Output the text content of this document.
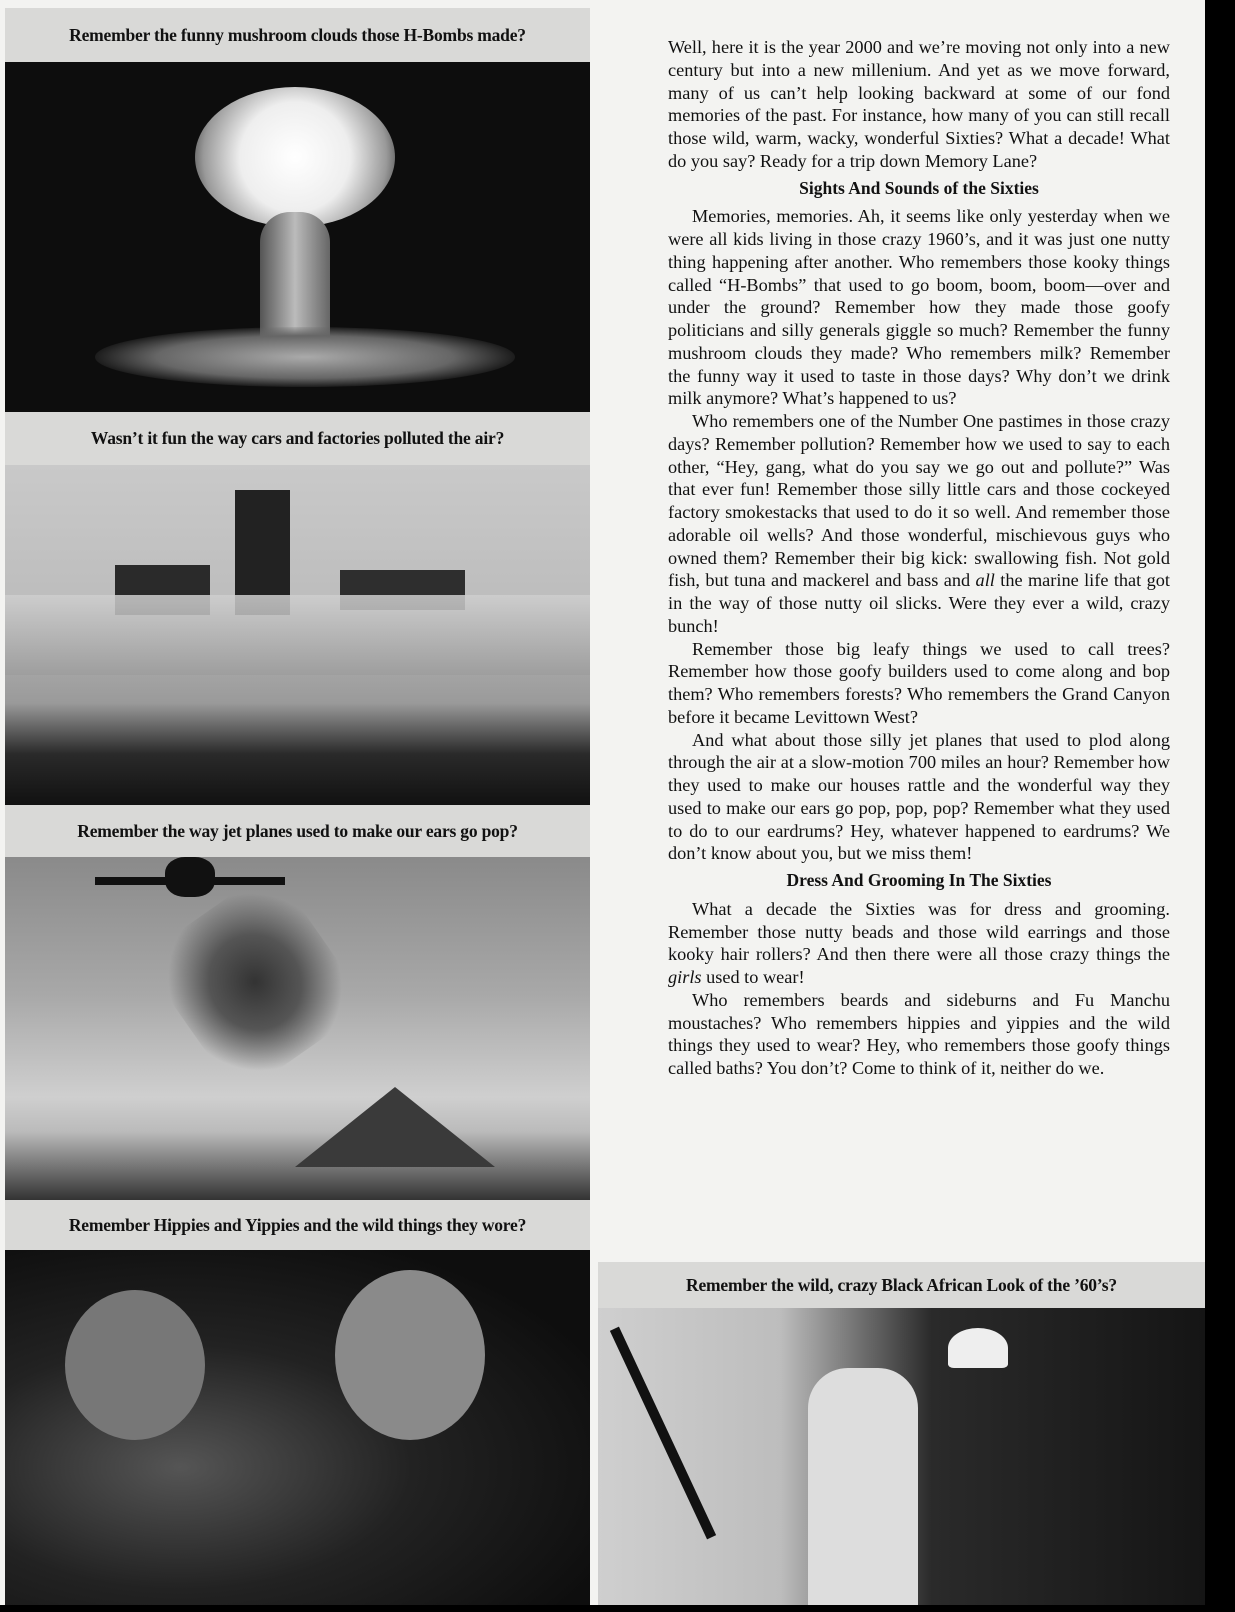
Remember the funny mushroom clouds those H-Bombs made?
Wasn’t it fun the way cars and factories polluted the air?
Remember the way jet planes used to make our ears go pop?
Remember Hippies and Yippies and the wild things they wore?

Well, here it is the year 2000 and we’re moving not only into a new century but into a new millenium. And yet as we move forward, many of us can’t help looking backward at some of our fond memories of the past. For instance, how many of you can still recall those wild, warm, wacky, wonderful Sixties? What a decade! What do you say? Ready for a trip down Memory Lane?

Sights And Sounds of the Sixties

Memories, memories. Ah, it seems like only yesterday when we were all kids living in those crazy 1960’s, and it was just one nutty thing happening after another. Who remembers those kooky things called “H-Bombs” that used to go boom, boom, boom—over and under the ground? Remember how they made those goofy politicians and silly generals giggle so much? Remember the funny mushroom clouds they made? Who remembers milk? Remember the funny way it used to taste in those days? Why don’t we drink milk anymore? What’s happened to us?

Who remembers one of the Number One pastimes in those crazy days? Remember pollution? Remember how we used to say to each other, “Hey, gang, what do you say we go out and pollute?” Was that ever fun! Remember those silly little cars and those cockeyed factory smokestacks that used to do it so well. And remember those adorable oil wells? And those wonderful, mischievous guys who owned them? Remember their big kick: swallowing fish. Not gold fish, but tuna and mackerel and bass and all the marine life that got in the way of those nutty oil slicks. Were they ever a wild, crazy bunch!

Remember those big leafy things we used to call trees? Remember how those goofy builders used to come along and bop them? Who remembers forests? Who remembers the Grand Canyon before it became Levittown West?

And what about those silly jet planes that used to plod along through the air at a slow-motion 700 miles an hour? Remember how they used to make our houses rattle and the wonderful way they used to make our ears go pop, pop, pop? Remember what they used to do to our eardrums? Hey, whatever happened to eardrums? We don’t know about you, but we miss them!

Dress And Grooming In The Sixties

What a decade the Sixties was for dress and grooming. Remember those nutty beads and those wild earrings and those kooky hair rollers? And then there were all those crazy things the girls used to wear!

Who remembers beards and sideburns and Fu Manchu moustaches? Who remembers hippies and yippies and the wild things they used to wear? Hey, who remembers those goofy things called baths? You don’t? Come to think of it, neither do we.

Remember the wild, crazy Black African Look of the ’60’s?
